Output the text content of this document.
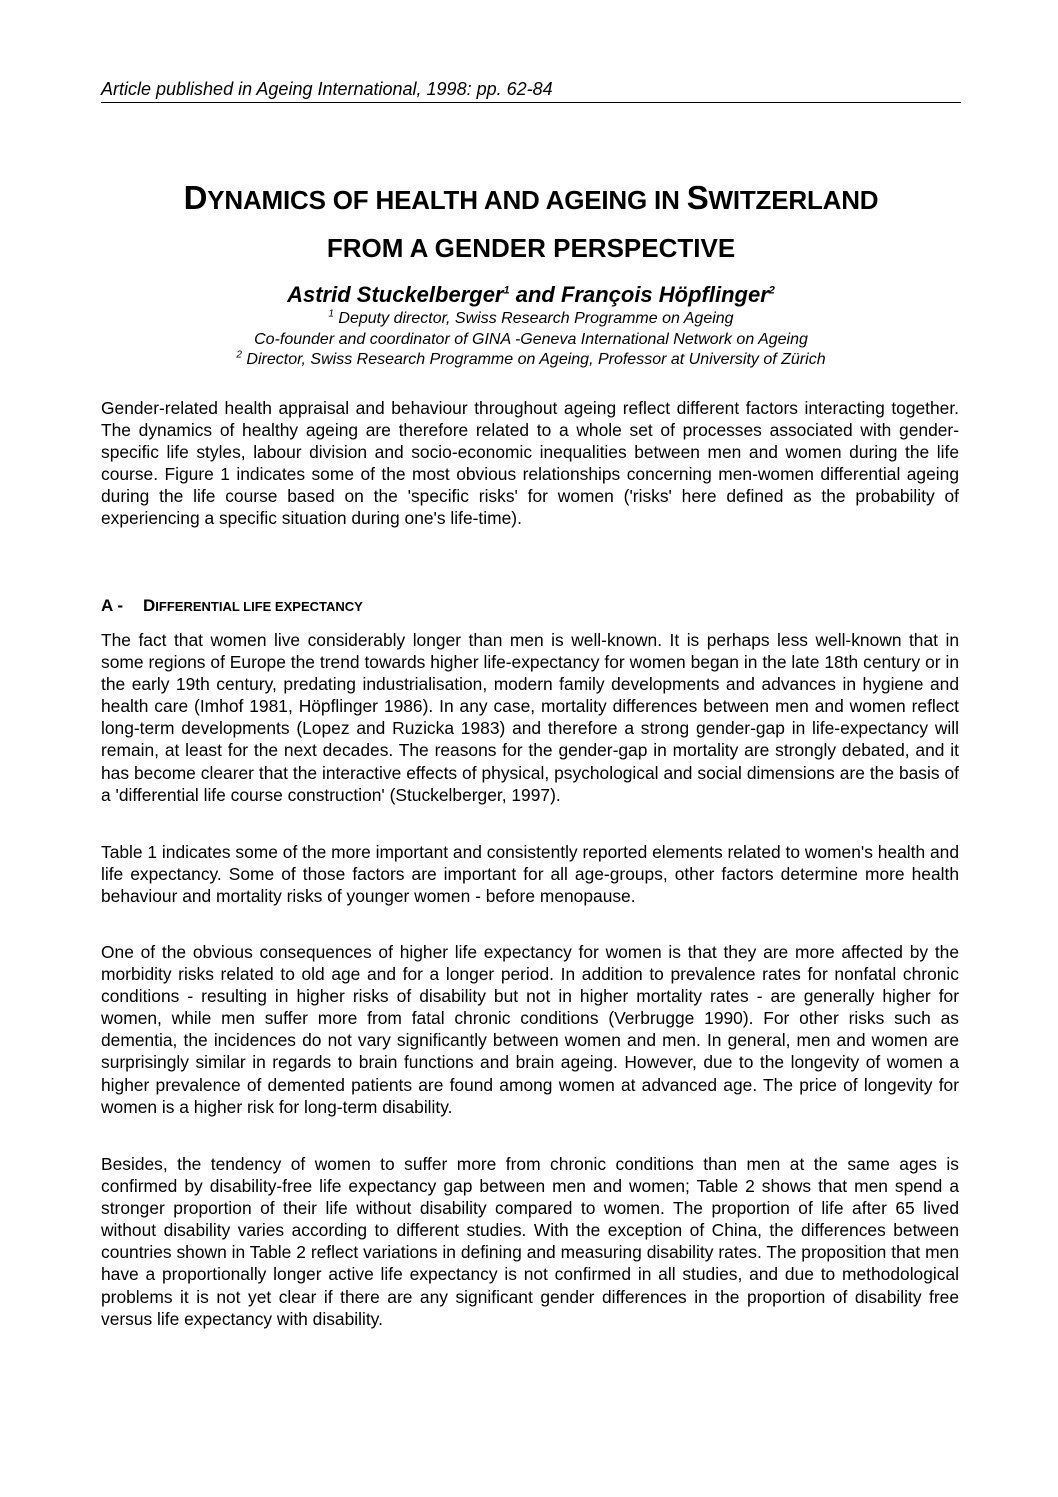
Article published in Ageing International, 1998: pp. 62-84
DYNAMICS OF HEALTH AND AGEING IN SWITZERLAND
FROM A GENDER PERSPECTIVE
Astrid Stuckelberger$^1$ and François Höpflinger$^2$
$^1$ Deputy director, Swiss Research Programme on Ageing
Co-founder and coordinator of GINA -Geneva International Network on Ageing
$^2$ Director, Swiss Research Programme on Ageing, Professor at University of Zürich

Gender-related health appraisal and behaviour throughout ageing reflect different factors interacting together. The dynamics of healthy ageing are therefore related to a whole set of processes associated with gender-specific life styles, labour division and socio-economic inequalities between men and women during the life course. Figure 1 indicates some of the most obvious relationships concerning men-women differential ageing during the life course based on the 'specific risks' for women ('risks' here defined as the probability of experiencing a specific situation during one's life-time).

A - DIFFERENTIAL LIFE EXPECTANCY

The fact that women live considerably longer than men is well-known. It is perhaps less well-known that in some regions of Europe the trend towards higher life-expectancy for women began in the late 18th century or in the early 19th century, predating industrialisation, modern family developments and advances in hygiene and health care (Imhof 1981, Höpflinger 1986). In any case, mortality differences between men and women reflect long-term developments (Lopez and Ruzicka 1983) and therefore a strong gender-gap in life-expectancy will remain, at least for the next decades. The reasons for the gender-gap in mortality are strongly debated, and it has become clearer that the interactive effects of physical, psychological and social dimensions are the basis of a 'differential life course construction' (Stuckelberger, 1997).

Table 1 indicates some of the more important and consistently reported elements related to women's health and life expectancy. Some of those factors are important for all age-groups, other factors determine more health behaviour and mortality risks of younger women - before menopause.

One of the obvious consequences of higher life expectancy for women is that they are more affected by the morbidity risks related to old age and for a longer period. In addition to prevalence rates for nonfatal chronic conditions - resulting in higher risks of disability but not in higher mortality rates - are generally higher for women, while men suffer more from fatal chronic conditions (Verbrugge 1990). For other risks such as dementia, the incidences do not vary significantly between women and men. In general, men and women are surprisingly similar in regards to brain functions and brain ageing. However, due to the longevity of women a higher prevalence of demented patients are found among women at advanced age. The price of longevity for women is a higher risk for long-term disability.

Besides, the tendency of women to suffer more from chronic conditions than men at the same ages is confirmed by disability-free life expectancy gap between men and women; Table 2 shows that men spend a stronger proportion of their life without disability compared to women. The proportion of life after 65 lived without disability varies according to different studies. With the exception of China, the differences between countries shown in Table 2 reflect variations in defining and measuring disability rates. The proposition that men have a proportionally longer active life expectancy is not confirmed in all studies, and due to methodological problems it is not yet clear if there are any significant gender differences in the proportion of disability free versus life expectancy with disability.
